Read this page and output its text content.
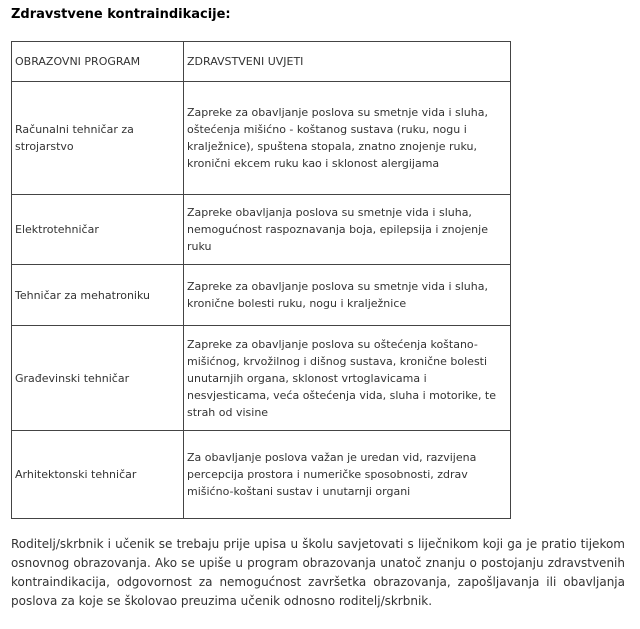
Zdravstvene kontraindikacije:
OBRAZOVNI PROGRAM	ZDRAVSTVENI UVJETI
Računalni tehničar za strojarstvo	Zapreke za obavljanje poslova su smetnje vida i sluha, oštećenja mišićno - koštanog sustava (ruku, nogu i kralježnice), spuštena stopala, znatno znojenje ruku, kronični ekcem ruku kao i sklonost alergijama
Elektrotehničar	Zapreke obavljanja poslova su smetnje vida i sluha, nemogućnost raspoznavanja boja, epilepsija i znojenje ruku
Tehničar za mehatroniku	Zapreke za obavljanje poslova su smetnje vida i sluha, kronične bolesti ruku, nogu i kralježnice
Građevinski tehničar	Zapreke za obavljanje poslova su oštećenja koštano-mišićnog, krvožilnog i dišnog sustava, kronične bolesti unutarnjih organa, sklonost vrtoglavicama i nesvjesticama, veća oštećenja vida, sluha i motorike, te strah od visine
Arhitektonski tehničar	Za obavljanje poslova važan je uredan vid, razvijena percepcija prostora i numeričke sposobnosti, zdrav mišićno-koštani sustav i unutarnji organi

Roditelj/skrbnik i učenik se trebaju prije upisa u školu savjetovati s liječnikom koji ga je pratio tijekom osnovnog obrazovanja. Ako se upiše u program obrazovanja unatoč znanju o postojanju zdravstvenih kontraindikacija, odgovornost za nemogućnost završetka obrazovanja, zapošljavanja ili obavljanja poslova za koje se školovao preuzima učenik odnosno roditelj/skrbnik.
